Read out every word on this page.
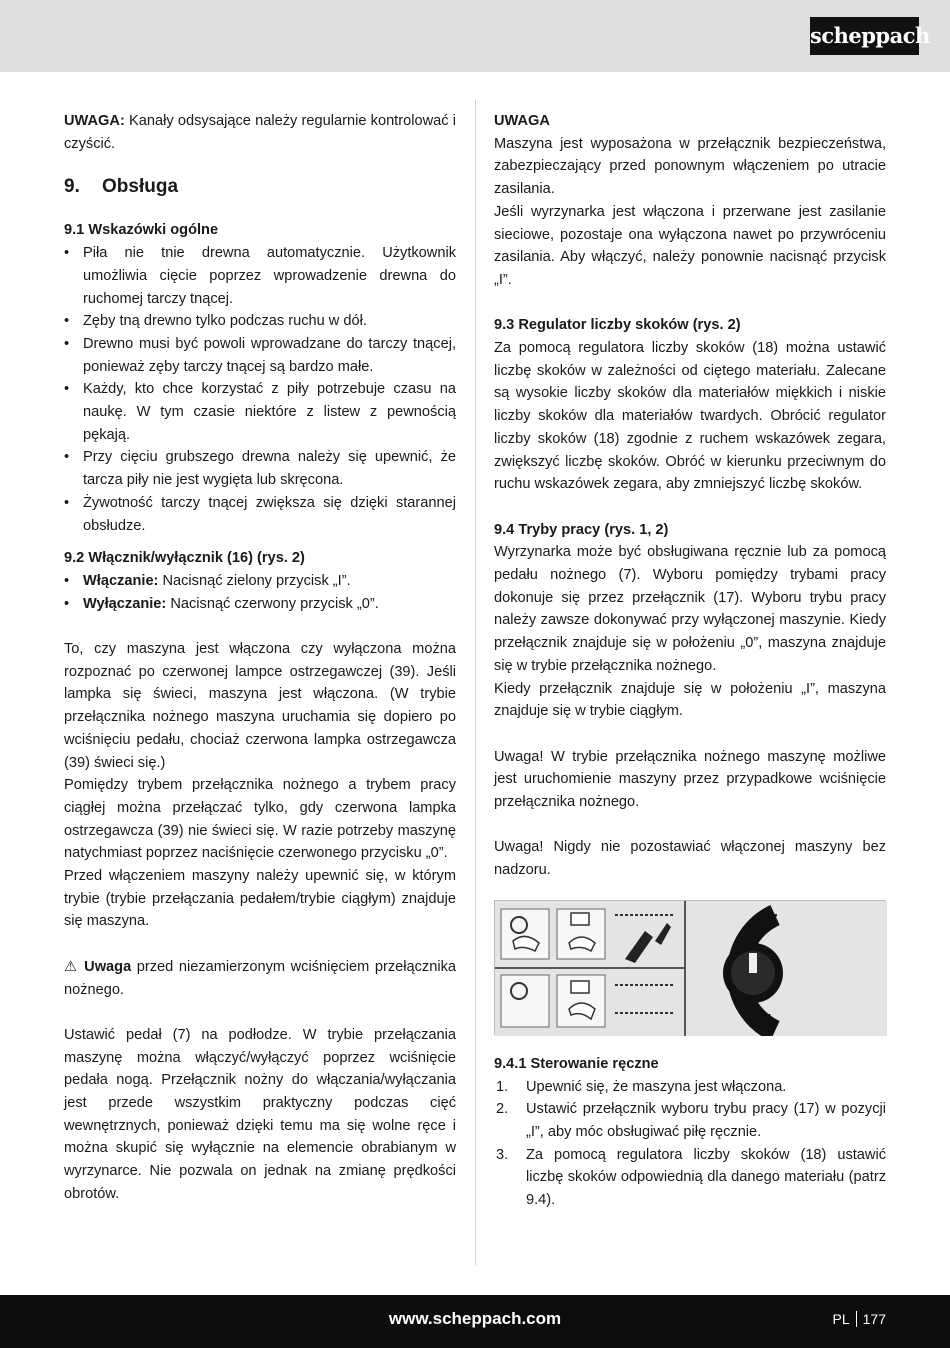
scheppach

UWAGA: Kanały odsysające należy regularnie kontrolować i czyścić.

9. Obsługa
9.1 Wskazówki ogólne
• Piła nie tnie drewna automatycznie. Użytkownik umożliwia cięcie poprzez wprowadzenie drewna do ruchomej tarczy tnącej.
• Zęby tną drewno tylko podczas ruchu w dół.
• Drewno musi być powoli wprowadzane do tarczy tnącej, ponieważ zęby tarczy tnącej są bardzo małe.
• Każdy, kto chce korzystać z piły potrzebuje czasu na naukę. W tym czasie niektóre z listew z pewnością pękają.
• Przy cięciu grubszego drewna należy się upewnić, że tarcza piły nie jest wygięta lub skręcona.
• Żywotność tarczy tnącej zwiększa się dzięki starannej obsłudze.
9.2 Włącznik/wyłącznik (16) (rys. 2)
• Włączanie: Nacisnąć zielony przycisk „I”.
• Wyłączanie: Nacisnąć czerwony przycisk „0”.

To, czy maszyna jest włączona czy wyłączona można rozpoznać po czerwonej lampce ostrzegawczej (39). Jeśli lampka się świeci, maszyna jest włączona. (W trybie przełącznika nożnego maszyna uruchamia się dopiero po wciśnięciu pedału, chociaż czerwona lampka ostrzegawcza (39) świeci się.)

Pomiędzy trybem przełącznika nożnego a trybem pracy ciągłej można przełączać tylko, gdy czerwona lampka ostrzegawcza (39) nie świeci się. W razie potrzeby maszynę natychmiast poprzez naciśnięcie czerwonego przycisku „0”.

Przed włączeniem maszyny należy upewnić się, w którym trybie (trybie przełączania pedałem/trybie ciągłym) znajduje się maszyna.

⚠ Uwaga przed niezamierzonym wciśnięciem przełącznika nożnego.

Ustawić pedał (7) na podłodze. W trybie przełączania maszynę można włączyć/wyłączyć poprzez wciśnięcie pedała nogą. Przełącznik nożny do włączania/wyłączania jest przede wszystkim praktyczny podczas cięć wewnętrznych, ponieważ dzięki temu ma się wolne ręce i można skupić się wyłącznie na elemencie obrabianym w wyrzynarce. Nie pozwala on jednak na zmianę prędkości obrotów.

UWAGA

Maszyna jest wyposażona w przełącznik bezpieczeństwa, zabezpieczający przed ponownym włączeniem po utracie zasilania.

Jeśli wyrzynarka jest włączona i przerwane jest zasilanie sieciowe, pozostaje ona wyłączona nawet po przywróceniu zasilania. Aby włączyć, należy ponownie nacisnąć przycisk „I”.

9.3 Regulator liczby skoków (rys. 2)

Za pomocą regulatora liczby skoków (18) można ustawić liczbę skoków w zależności od ciętego materiału. Zalecane są wysokie liczby skoków dla materiałów miękkich i niskie liczby skoków dla materiałów twardych. Obrócić regulator liczby skoków (18) zgodnie z ruchem wskazówek zegara, zwiększyć liczbę skoków. Obróć w kierunku przeciwnym do ruchu wskazówek zegara, aby zmniejszyć liczbę skoków.

9.4 Tryby pracy (rys. 1, 2)

Wyrzynarka może być obsługiwana ręcznie lub za pomocą pedału nożnego (7). Wyboru pomiędzy trybami pracy dokonuje się przez przełącznik (17). Wyboru trybu pracy należy zawsze dokonywać przy wyłączonej maszynie. Kiedy przełącznik znajduje się w położeniu „0”, maszyna znajduje się w trybie przełącznika nożnego.

Kiedy przełącznik znajduje się w położeniu „I”, maszyna znajduje się w trybie ciągłym.

Uwaga! W trybie przełącznika nożnego maszynę możliwe jest uruchomienie maszyny przez przypadkowe wciśnięcie przełącznika nożnego.

Uwaga! Nigdy nie pozostawiać włączonej maszyny bez nadzoru.

+
I
9.4.1 Sterowanie ręczne
1. Upewnić się, że maszyna jest włączona.
2. Ustawić przełącznik wyboru trybu pracy (17) w pozycji „I”, aby móc obsługiwać piłę ręcznie.
3. Za pomocą regulatora liczby skoków (18) ustawić liczbę skoków odpowiednią dla danego materiału (patrz 9.4).
www.scheppach.com	PL 177
